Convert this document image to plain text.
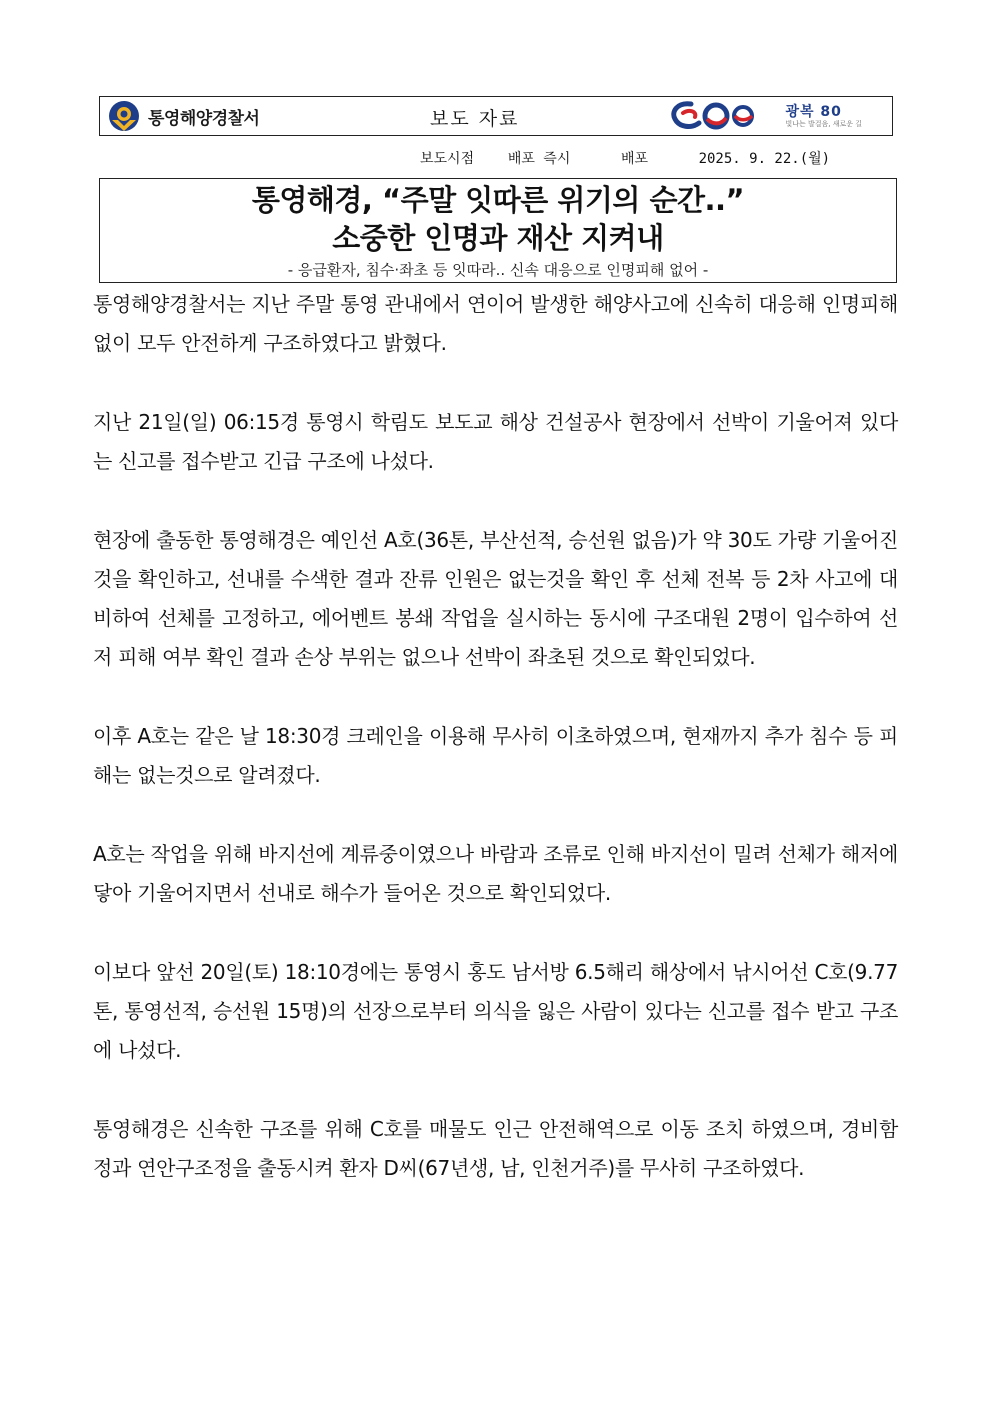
통영해양경찰서	보도 자료	광복 80
빛나는 발걸음, 새로운 길
보도시점
배포 즉시
	배포
	2025. 9. 22.(월)
통영해경, “주말 잇따른 위기의 순간..”
소중한 인명과 재산 지켜내
- 응급환자, 침수·좌초 등 잇따라.. 신속 대응으로 인명피해 없어 -

통영해양경찰서는 지난 주말 통영 관내에서 연이어 발생한 해양사고에 신속히 대응해 인명피해 없이 모두 안전하게 구조하였다고 밝혔다.

지난 21일(일) 06:15경 통영시 학림도 보도교 해상 건설공사 현장에서 선박이 기울어져 있다는 신고를 접수받고 긴급 구조에 나섰다.

현장에 출동한 통영해경은 예인선 A호(36톤, 부산선적, 승선원 없음)가 약 30도 가량 기울어진 것을 확인하고, 선내를 수색한 결과 잔류 인원은 없는것을 확인 후 선체 전복 등 2차 사고에 대비하여 선체를 고정하고, 에어벤트 봉쇄 작업을 실시하는 동시에 구조대원 2명이 입수하여 선저 피해 여부 확인 결과 손상 부위는 없으나 선박이 좌초된 것으로 확인되었다.

이후 A호는 같은 날 18:30경 크레인을 이용해 무사히 이초하였으며, 현재까지 추가 침수 등 피해는 없는것으로 알려졌다.

A호는 작업을 위해 바지선에 계류중이였으나 바람과 조류로 인해 바지선이 밀려 선체가 해저에 닿아 기울어지면서 선내로 해수가 들어온 것으로 확인되었다.

이보다 앞선 20일(토) 18:10경에는 통영시 홍도 남서방 6.5해리 해상에서 낚시어선 C호(9.77톤, 통영선적, 승선원 15명)의 선장으로부터 의식을 잃은 사람이 있다는 신고를 접수 받고 구조에 나섰다.

통영해경은 신속한 구조를 위해 C호를 매물도 인근 안전해역으로 이동 조치 하였으며, 경비함정과 연안구조정을 출동시켜 환자 D씨(67년생, 남, 인천거주)를 무사히 구조하였다.
